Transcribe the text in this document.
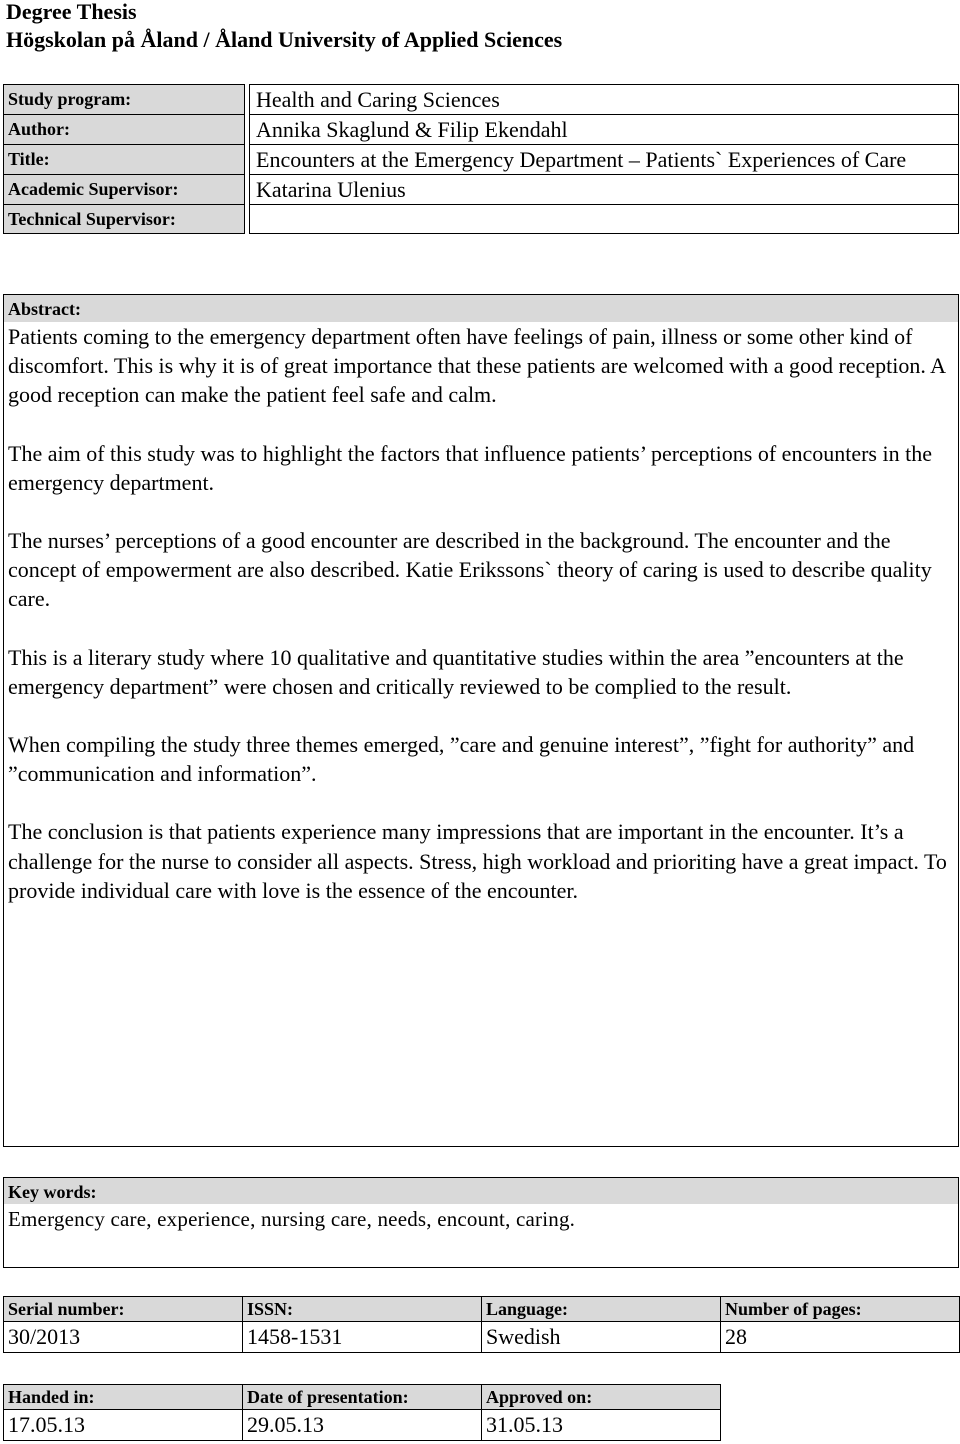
Degree Thesis
Högskolan på Åland / Åland University of Applied Sciences
Study program:		Health and Caring Sciences
Author:		Annika Skaglund & Filip Ekendahl
Title:		Encounters at the Emergency Department – Patients` Experiences of Care
Academic Supervisor:		Katarina Ulenius
Technical Supervisor:		
Abstract:

Patients coming to the emergency department often have feelings of pain, illness or some other kind of discomfort. This is why it is of great importance that these patients are welcomed with a good reception. A good reception can make the patient feel safe and calm.

The aim of this study was to highlight the factors that influence patients’ perceptions of encounters in the emergency department.

The nurses’ perceptions of a good encounter are described in the background. The encounter and the concept of empowerment are also described. Katie Erikssons` theory of caring is used to describe quality care.

This is a literary study where 10 qualitative and quantitative studies within the area ”encounters at the emergency department” were chosen and critically reviewed to be complied to the result.

When compiling the study three themes emerged, ”care and genuine interest”, ”fight for authority” and ”communication and information”.

The conclusion is that patients experience many impressions that are important in the encounter. It’s a challenge for the nurse to consider all aspects. Stress, high workload and prioriting have a great impact. To provide individual care with love is the essence of the encounter.

Key words:
Emergency care, experience, nursing care, needs, encount, caring.
Serial number:	ISSN:	Language:	Number of pages:
30/2013	1458-1531	Swedish	28
Handed in:	Date of presentation:	Approved on:
17.05.13	29.05.13	31.05.13
